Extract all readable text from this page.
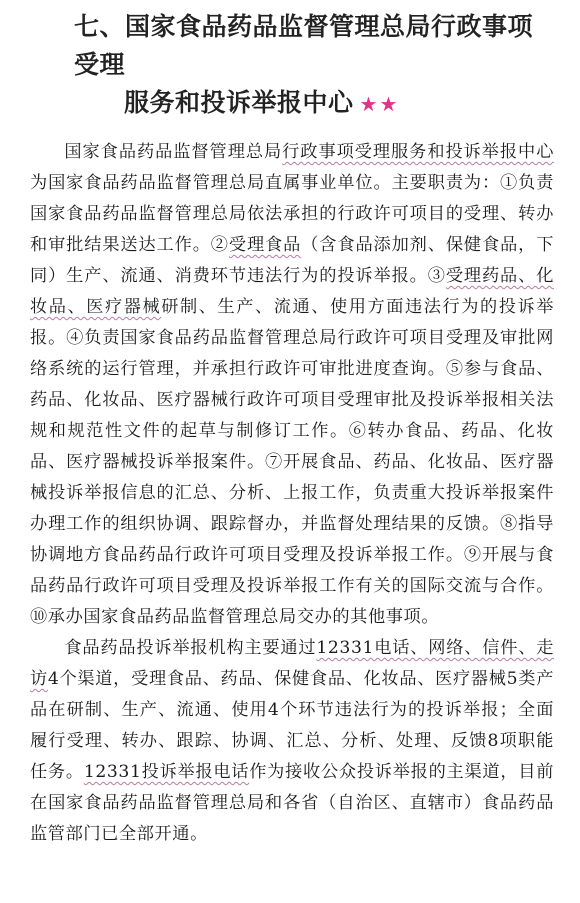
七、国家食品药品监督管理总局行政事项受理
服务和投诉举报中心 ★★

国家食品药品监督管理总局行政事项受理服务和投诉举报中心为国家食品药品监督管理总局直属事业单位。主要职责为：①负责国家食品药品监督管理总局依法承担的行政许可项目的受理、转办和审批结果送达工作。②受理食品（含食品添加剂、保健食品，下同）生产、流通、消费环节违法行为的投诉举报。③受理药品、化妆品、医疗器械研制、生产、流通、使用方面违法行为的投诉举报。④负责国家食品药品监督管理总局行政许可项目受理及审批网络系统的运行管理，并承担行政许可审批进度查询。⑤参与食品、药品、化妆品、医疗器械行政许可项目受理审批及投诉举报相关法规和规范性文件的起草与制修订工作。⑥转办食品、药品、化妆品、医疗器械投诉举报案件。⑦开展食品、药品、化妆品、医疗器械投诉举报信息的汇总、分析、上报工作，负责重大投诉举报案件办理工作的组织协调、跟踪督办，并监督处理结果的反馈。⑧指导协调地方食品药品行政许可项目受理及投诉举报工作。⑨开展与食品药品行政许可项目受理及投诉举报工作有关的国际交流与合作。⑩承办国家食品药品监督管理总局交办的其他事项。

食品药品投诉举报机构主要通过12331电话、网络、信件、走访4个渠道，受理食品、药品、保健食品、化妆品、医疗器械5类产品在研制、生产、流通、使用4个环节违法行为的投诉举报；全面履行受理、转办、跟踪、协调、汇总、分析、处理、反馈8项职能任务。12331投诉举报电话作为接收公众投诉举报的主渠道，目前在国家食品药品监督管理总局和各省（自治区、直辖市）食品药品监管部门已全部开通。
